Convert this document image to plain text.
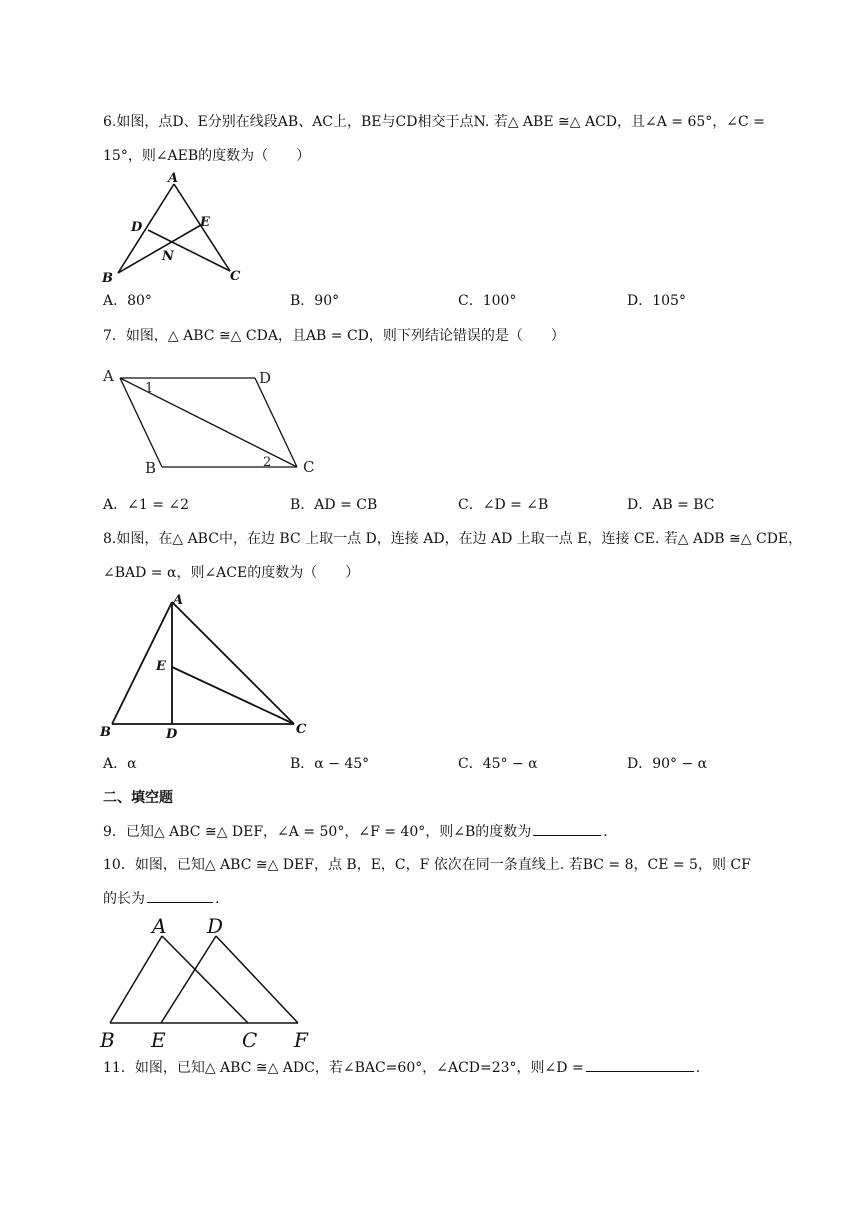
6.如图，点D、E分别在线段AB、AC上，BE与CD相交于点N. 若△ ABE ≅△ ACD，且∠A = 65°，∠C =
15°，则∠AEB的度数为（　　）
A
B	C
D	E
N
A．80°	B．90°	C．100°	D．105°
7．如图，△ ABC ≅△ CDA，且AB = CD，则下列结论错误的是（　　）
A	D
B	C
1
2
A．∠1 = ∠2	B．AD = CB	C．∠D = ∠B	D．AB = BC
8.如图，在△ ABC中，在边 BC 上取一点 D，连接 AD，在边 AD 上取一点 E，连接 CE. 若△ ADB ≅△ CDE，
∠BAD = α，则∠ACE的度数为（　　）
A
B	C
D
E
A．α	B．α − 45°	C．45° − α	D．90° − α
二、填空题
9．已知△ ABC ≅△ DEF，∠A = 50°，∠F = 40°，则∠B的度数为	.
10．如图，已知△ ABC ≅△ DEF，点 B，E，C，F 依次在同一条直线上. 若BC = 8，CE = 5，则 CF
的长为	.
A D
B E	C F
11．如图，已知△ ABC ≅△ ADC，若∠BAC=60°，∠ACD=23°，则∠D =	.
